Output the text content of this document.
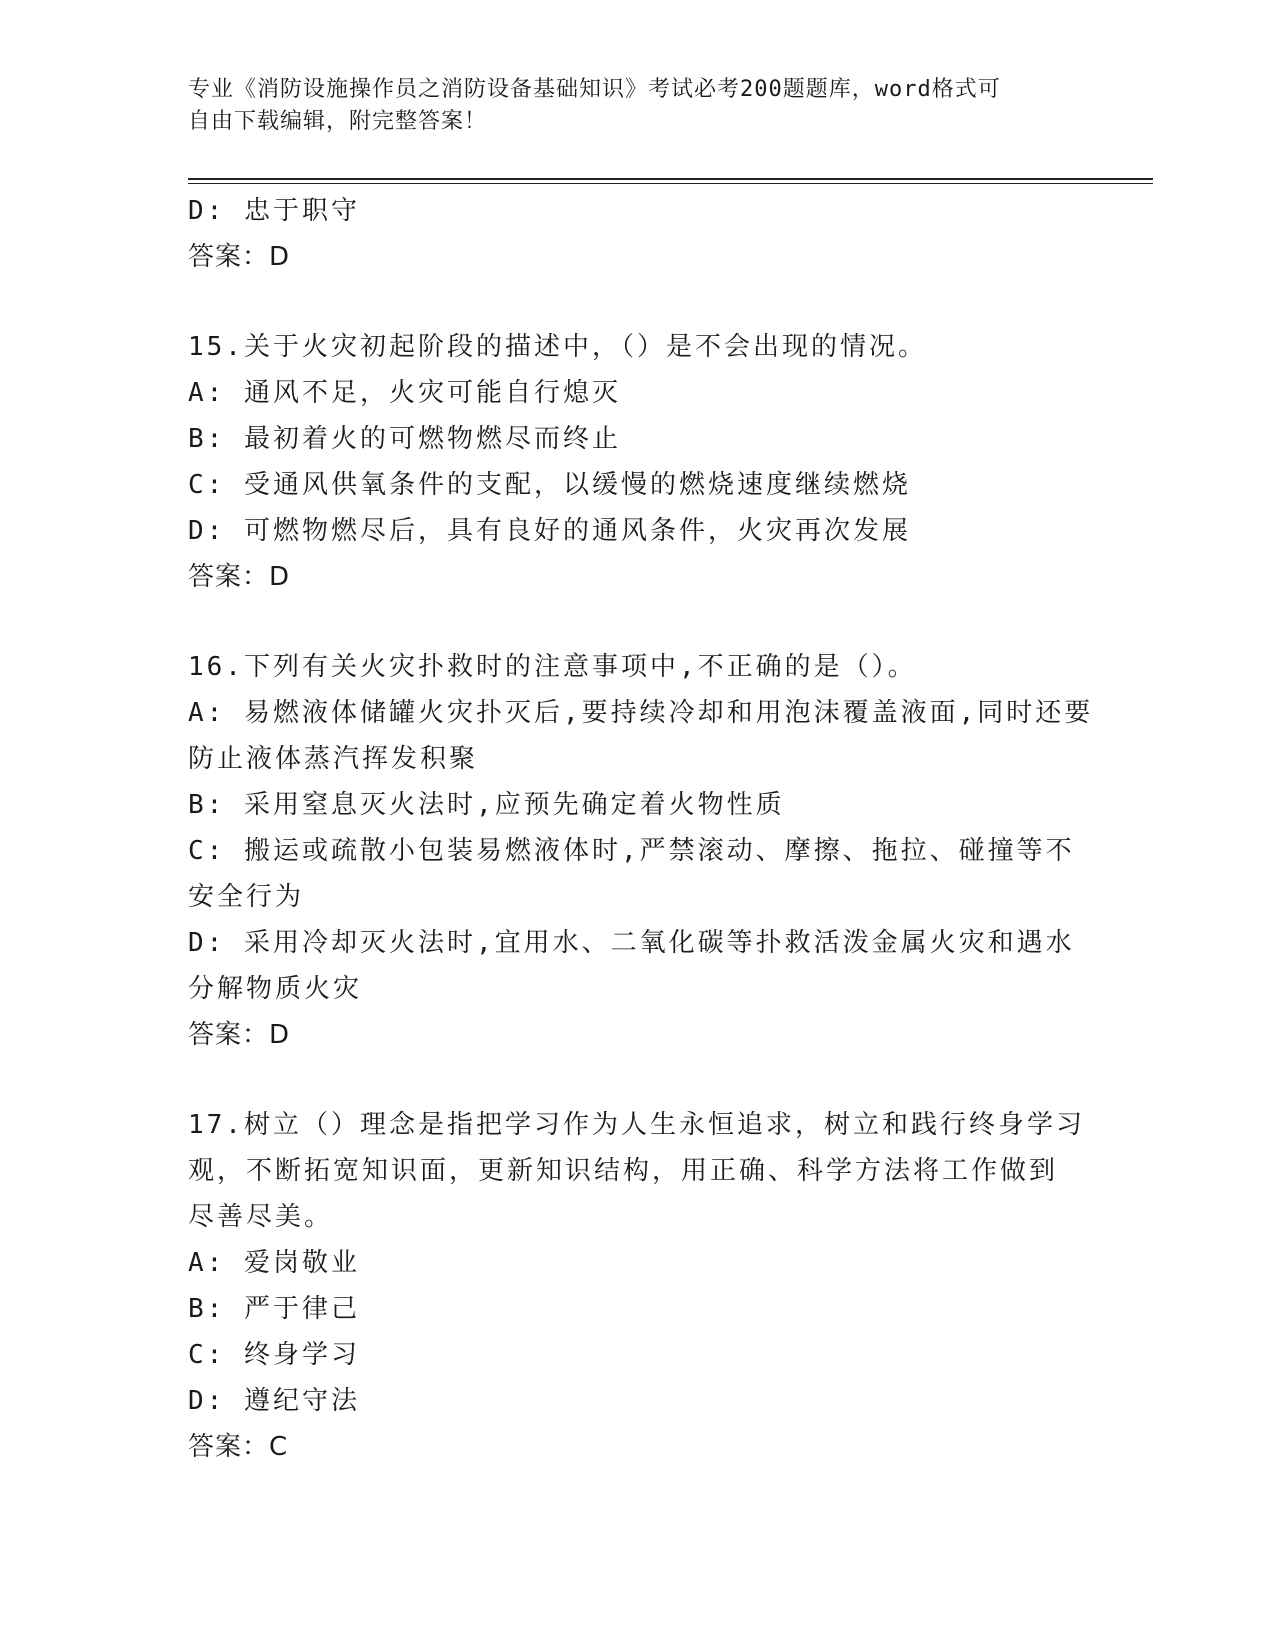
专业《消防设施操作员之消防设备基础知识》考试必考200题题库，word格式可
自由下载编辑，附完整答案！
D: 忠于职守
答案：D
15.关于火灾初起阶段的描述中，（）是不会出现的情况。
A: 通风不足，火灾可能自行熄灭
B: 最初着火的可燃物燃尽而终止
C: 受通风供氧条件的支配，以缓慢的燃烧速度继续燃烧
D: 可燃物燃尽后，具有良好的通风条件，火灾再次发展
答案：D
16.下列有关火灾扑救时的注意事项中,不正确的是（）。
A: 易燃液体储罐火灾扑灭后,要持续冷却和用泡沫覆盖液面,同时还要
防止液体蒸汽挥发积聚
B: 采用窒息灭火法时,应预先确定着火物性质
C: 搬运或疏散小包装易燃液体时,严禁滚动、摩擦、拖拉、碰撞等不
安全行为
D: 采用冷却灭火法时,宜用水、二氧化碳等扑救活泼金属火灾和遇水
分解物质火灾
答案：D
17.树立（）理念是指把学习作为人生永恒追求，树立和践行终身学习
观，不断拓宽知识面，更新知识结构，用正确、科学方法将工作做到
尽善尽美。
A: 爱岗敬业
B: 严于律己
C: 终身学习
D: 遵纪守法
答案：C
